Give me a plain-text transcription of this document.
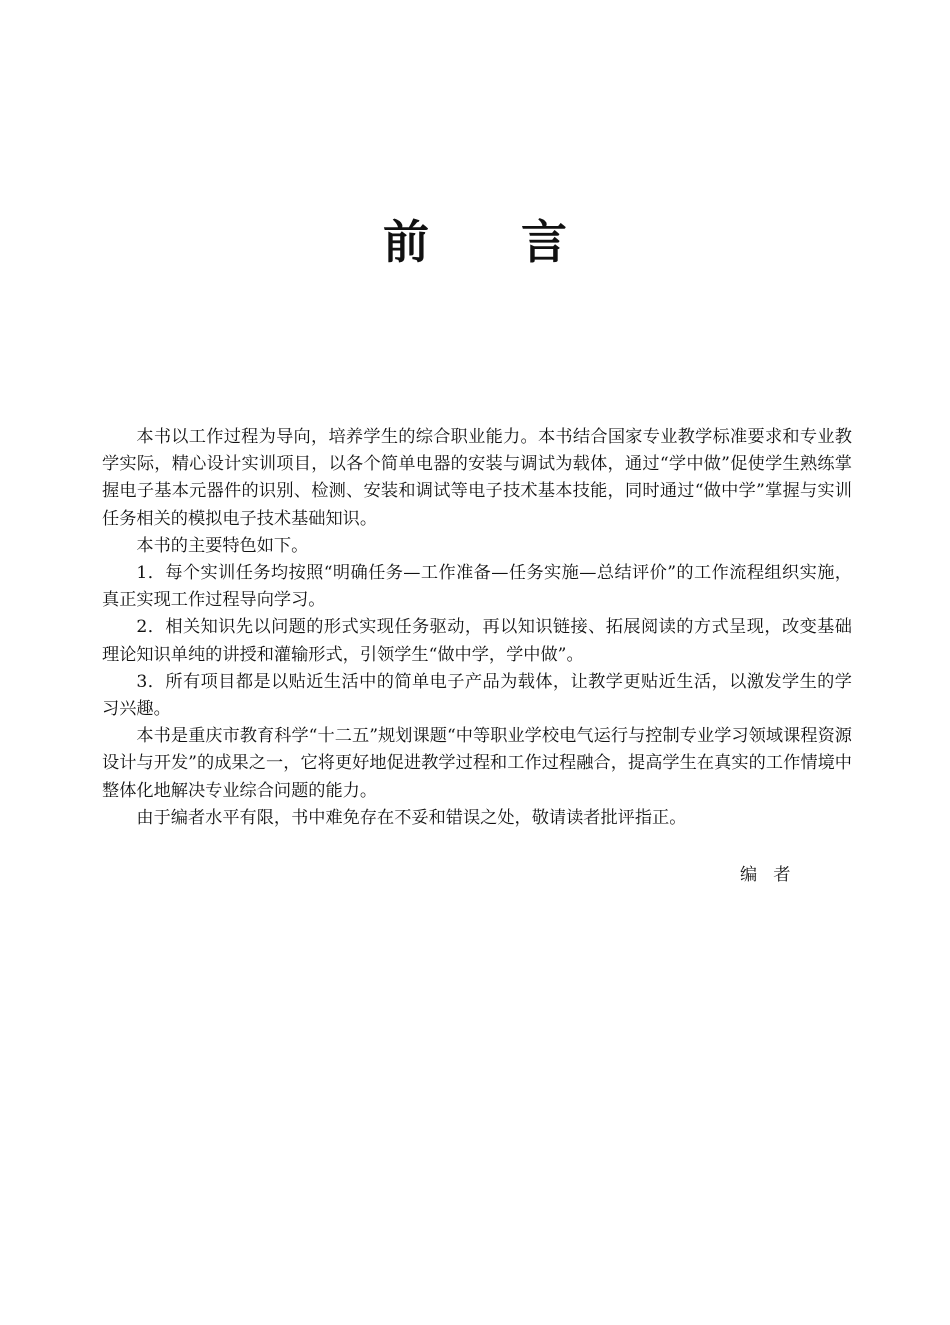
前言

本书以工作过程为导向，培养学生的综合职业能力。本书结合国家专业教学标准要求和专业教学实际，精心设计实训项目，以各个简单电器的安装与调试为载体，通过“学中做”促使学生熟练掌握电子基本元器件的识别、检测、安装和调试等电子技术基本技能，同时通过“做中学”掌握与实训任务相关的模拟电子技术基础知识。

本书的主要特色如下。

1．每个实训任务均按照“明确任务—工作准备—任务实施—总结评价”的工作流程组织实施，真正实现工作过程导向学习。

2．相关知识先以问题的形式实现任务驱动，再以知识链接、拓展阅读的方式呈现，改变基础理论知识单纯的讲授和灌输形式，引领学生“做中学，学中做”。

3．所有项目都是以贴近生活中的简单电子产品为载体，让教学更贴近生活，以激发学生的学习兴趣。

本书是重庆市教育科学“十二五”规划课题“中等职业学校电气运行与控制专业学习领域课程资源设计与开发”的成果之一，它将更好地促进教学过程和工作过程融合，提高学生在真实的工作情境中整体化地解决专业综合问题的能力。

由于编者水平有限，书中难免存在不妥和错误之处，敬请读者批评指正。

编者
